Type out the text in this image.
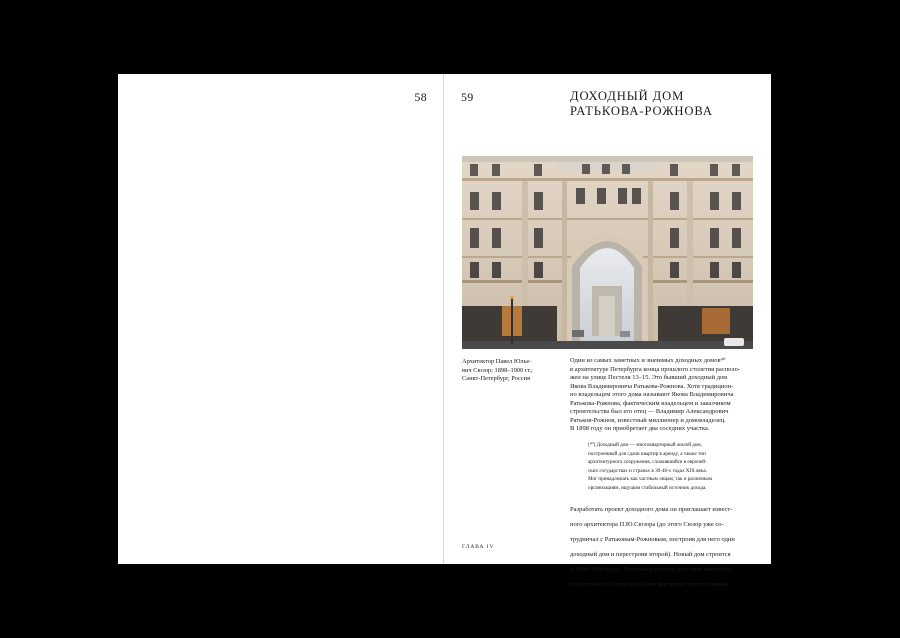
58	59	ДОХОДНЫЙ ДОМ
РАТЬКОВА-РОЖНОВА
Архитектор Павел Юлье-
вич Сюзор; 1898–1900 гг.;
Санкт-Петербург, Россия

Один из самых заметных и значимых доходных домов⁴⁰

в архитектуре Петербурга конца прошлого столетия располо-

жен на улице Пестеля 13–15. Это бывший доходный дом

Якова Владимировича Ратькова-Рожнова. Хотя традицион-

но владельцем этого дома называют Якова Владимировича

Ратькова-Рожнова, фактическим владельцем и заказчиком

строительства был его отец — Владимир Александрович

Ратьков-Рожнов, известный миллионер и домовладелец.

В 1898 году он приобретает два соседних участка.

(⁴⁰) Доходный дом — многоквартирный жилой дом,
построенный для сдачи квартир в аренду, а также тип
архитектурного сооружения, сложившийся в европей-
ских государствах и странах в 30-40-х годах XIX века.
Мог принадлежать как частным лицам, так и различным
организациям, ищущим стабильный источник дохода.

Разработать проект доходного дома он приглашает извест-

ного архитектора П.Ю.Сюзора (до этого Сюзор уже со-

трудничал с Ратьковым-Рожновым, построив для него один

доходный дом и перестроив второй). Новый дом строится

в 1898–1900 годах. Поскольку один из участков имел боль-

шую глубину, Сюзор для более выгодного использования

ГЛАВА IV
